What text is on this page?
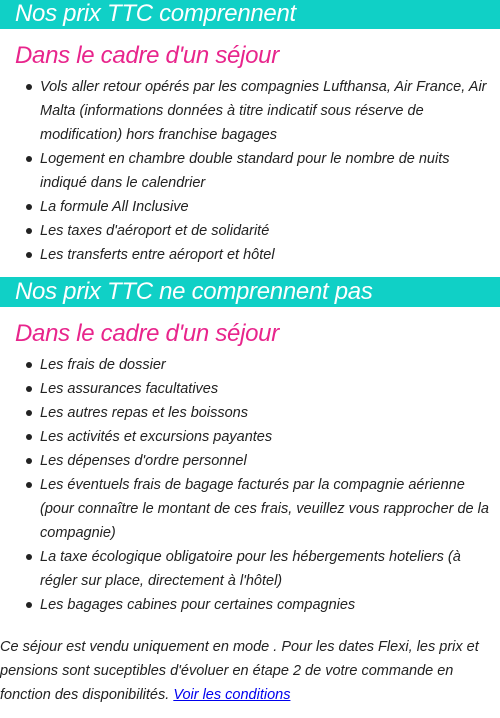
Nos prix TTC comprennent
Dans le cadre d'un séjour
Vols aller retour opérés par les compagnies Lufthansa, Air France, Air Malta (informations données à titre indicatif sous réserve de modification) hors franchise bagages
Logement en chambre double standard pour le nombre de nuits indiqué dans le calendrier
La formule All Inclusive
Les taxes d'aéroport et de solidarité
Les transferts entre aéroport et hôtel
Nos prix TTC ne comprennent pas
Dans le cadre d'un séjour
Les frais de dossier
Les assurances facultatives
Les autres repas et les boissons
Les activités et excursions payantes
Les dépenses d'ordre personnel
Les éventuels frais de bagage facturés par la compagnie aérienne (pour connaître le montant de ces frais, veuillez vous rapprocher de la compagnie)
La taxe écologique obligatoire pour les hébergements hoteliers (à régler sur place, directement à l'hôtel)
Les bagages cabines pour certaines compagnies
Ce séjour est vendu uniquement en mode . Pour les dates Flexi, les prix et pensions sont suceptibles d'évoluer en étape 2 de votre commande en fonction des disponibilités. Voir les conditions
